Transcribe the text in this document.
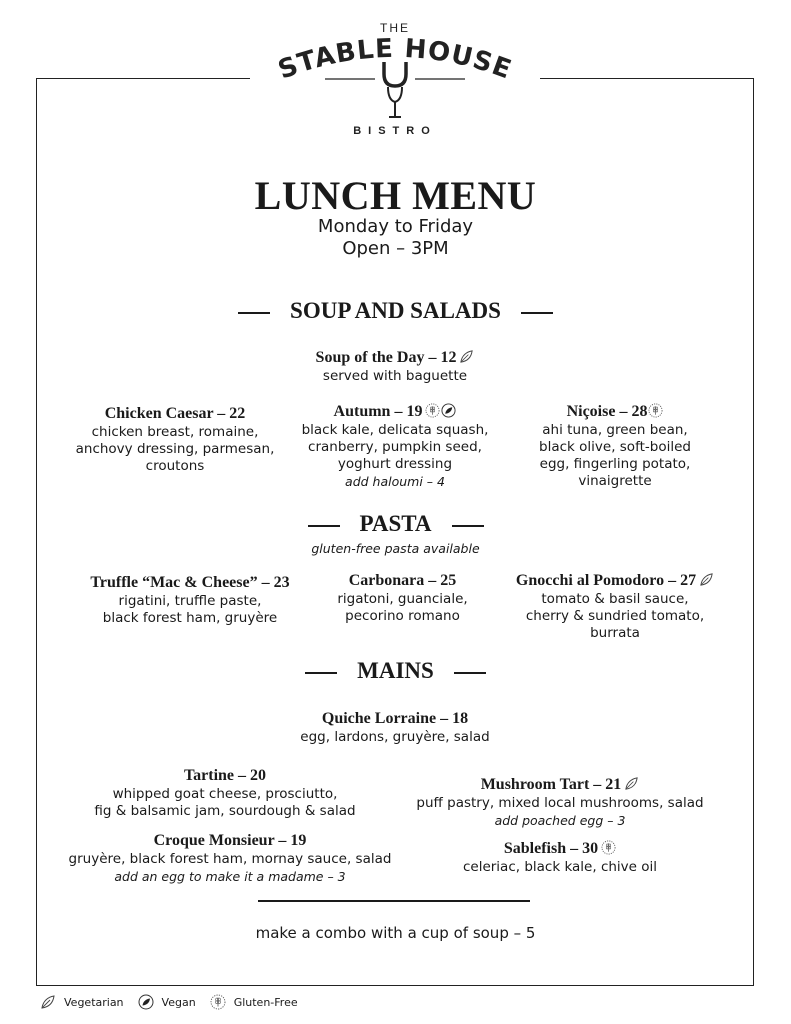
THE
STABLE HOUSE
BISTRO
LUNCH MENU
Monday to Friday
Open – 3PM
SOUP AND SALADS
Soup of the Day – 12
served with baguette
Chicken Caesar – 22
chicken breast, romaine,
anchovy dressing, parmesan,
croutons
Autumn – 19
black kale, delicata squash,
cranberry, pumpkin seed,
yoghurt dressing
add haloumi – 4
Niçoise – 28
ahi tuna, green bean,
black olive, soft-boiled
egg, fingerling potato,
vinaigrette
PASTA
gluten-free pasta available
Truffle “Mac & Cheese” – 23
rigatini, truffle paste,
black forest ham, gruyère
Carbonara – 25
rigatoni, guanciale,
pecorino romano
Gnocchi al Pomodoro – 27
tomato & basil sauce,
cherry & sundried tomato,
burrata
MAINS
Quiche Lorraine – 18
egg, lardons, gruyère, salad
Tartine – 20
whipped goat cheese, prosciutto,
fig & balsamic jam, sourdough & salad
Croque Monsieur – 19
gruyère, black forest ham, mornay sauce, salad
add an egg to make it a madame – 3
Mushroom Tart – 21
puff pastry, mixed local mushrooms, salad
add poached egg – 3
Sablefish – 30
celeriac, black kale, chive oil
make a combo with a cup of soup – 5
Vegetarian	Vegan	Gluten-Free
